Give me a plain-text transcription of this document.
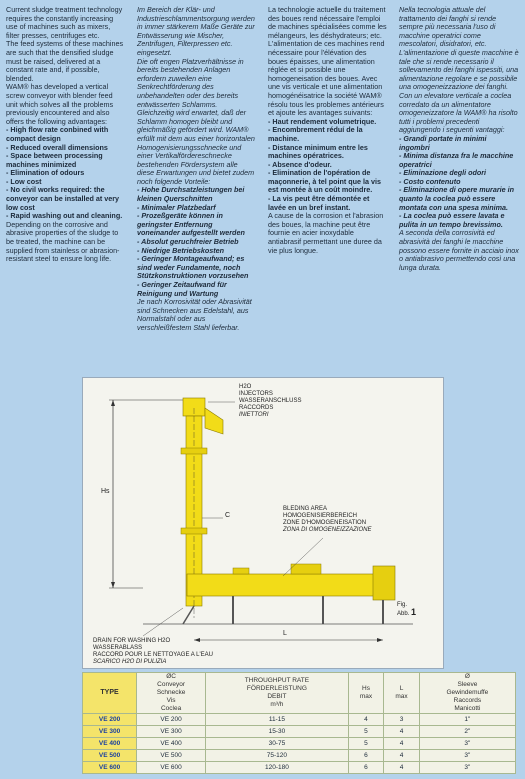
Current sludge treatment technology requires the constantly increasing use of machines such as mixers, filter presses, centrifuges etc.

The feed systems of these machines are such that the densified sludge must be raised, delivered at a constant rate and, if possible, blended.

WAM® has developed a vertical screw conveyor with blender feed unit which solves all the problems previously encountered and also offers the following advantages:

- High flow rate conbined with compact design
- Reduced overall dimensions
- Space between processing machines minimized
- Elimination of odours
- Low cost
- No civil works required: the conveyor can be installed at very low cost
- Rapid washing out and cleaning.

Depending on the corrosive and abrasive properties of the sludge to be treated, the machine can be supplied from stainless or abrasion-resistant steel to ensure long life.

Im Bereich der Klär- und Industrieschlammentsorgung werden in immer stärkerem Maße Geräte zur Entwässerung wie Mischer, Zentrifugen, Filterpressen etc. eingesetzt.

Die oft engen Platzverhältnisse in bereits bestehenden Anlagen erfordern zuweilen eine Senkrechtförderung des unbehandelten oder des bereits entwässerten Schlamms.

Gleichzeitig wird erwartet, daß der Schlamm homogen bleibt und gleichmäßig gefördert wird. WAM® erfüllt mit dem aus einer horizontalen Homogenisierungsschnecke und einer Vertikalfördereschnecke bestehenden Fördersystem alle diese Erwartungen und bietet zudem noch folgende Vorteile:

- Hohe Durchsatzleistungen bei kleinen Querschnitten
- Minimaler Platzbedarf
- Prozeßgeräte können in geringster Entfernung voneinander aufgestellt werden
- Absolut geruchfreier Betrieb
- Niedrige Betriebskosten
- Geringer Montageaufwand; es sind weder Fundamente, noch Stützkonstruktionen vorzusehen
- Geringer Zeitaufwand für Reinigung und Wartung

Je nach Korrosivität oder Abrasivität sind Schnecken aus Edelstahl, aus Normalstahl oder aus verschleißfestem Stahl lieferbar.

La technologie actuelle du traitement des boues rend nécessaire l'emploi de machines spécialisées comme les mélangeurs, les déshydrateurs; etc.

L'alimentation de ces machines rend nécessaire pour l'élévation des boues épaisses, une alimentation réglée et si possible une homogeneisation des boues. Avec une vis verticale et une alimentation homogénéisatrice la société WAM® résolu tous les problemes antérieurs et ajoute les avantages suivants:

- Haut rendement volumetrique.
- Encombrement réduí de la machine.
- Distance minimum entre les machines opératrices.
- Absence d'odeur.
- Elimination de l'opération de maçonnerie, à tel point que la vis est montée à un coût moindre.
- La vis peut être démontée et lavée en un bref instant.

A cause de la corrosion et l'abrasion des boues, la machine peut être fournie en acier inoxydable antiabrasif permettant une duree da vie plus longue.

Nella tecnologia attuale del trattamento dei fanghi si rende sempre più necessaria l'uso di macchine operatrici come mescolatori, disidratori, etc. L'alimentazione di queste macchine è tale che si rende necessario il sollevamento dei fanghi ispessiti, una alimentazione regolare e se possibile una omogeneizzazione dei fanghi.

Con un elevatore verticale a coclea corredato da un alimentatore omogeneizzatore la WAM® ha risolto tutti i problemi precedenti aggiungendo i seguenti vantaggi:

- Grandi portate in minimi ingombri
- Minima distanza fra le macchine operatrici
- Eliminazione degli odori
- Costo contenuto
- Eliminazione di opere murarie in quanto la coclea può essere montata con una spesa minima.
- La coclea può essere lavata e pulita in un tempo brevissimo.

A seconda della corrosività ed abrasività dei fanghi le macchine possono essere fornite in acciaio inox o antiabrasivo permettendo così una lunga durata.

H2O
INJECTORS
WASSERANSCHLUSS
RACCORDS
INIETTORI
Hs
C
BLEDING AREA
HOMOGENISIERBEREICH
ZONE D'HOMOGENEISATION
ZONA DI OMOGENEIZZAZIONE
Fig.
Abb. 1
L
DRAIN FOR WASHING H2O
WASSERABLASS
RACCORD POUR LE NETTOYAGE A L'EAU
SCARICO H2O DI PULIZIA
TYPE	ØC
Conveyor
Schnecke
Vis
Coclea	THROUGHPUT RATE
FÖRDERLEISTUNG
DEBIT
m³/h	Hs
max	L
max	Ø
Sleeve
Gewindemuffe
Raccords
Manicotti
VE 200	VE 200	11-15	4	3	1"
VE 300	VE 300	15-30	5	4	2"
VE 400	VE 400	30-75	5	4	3"
VE 500	VE 500	75-120	6	4	3"
VE 600	VE 600	120-180	6	4	3"
